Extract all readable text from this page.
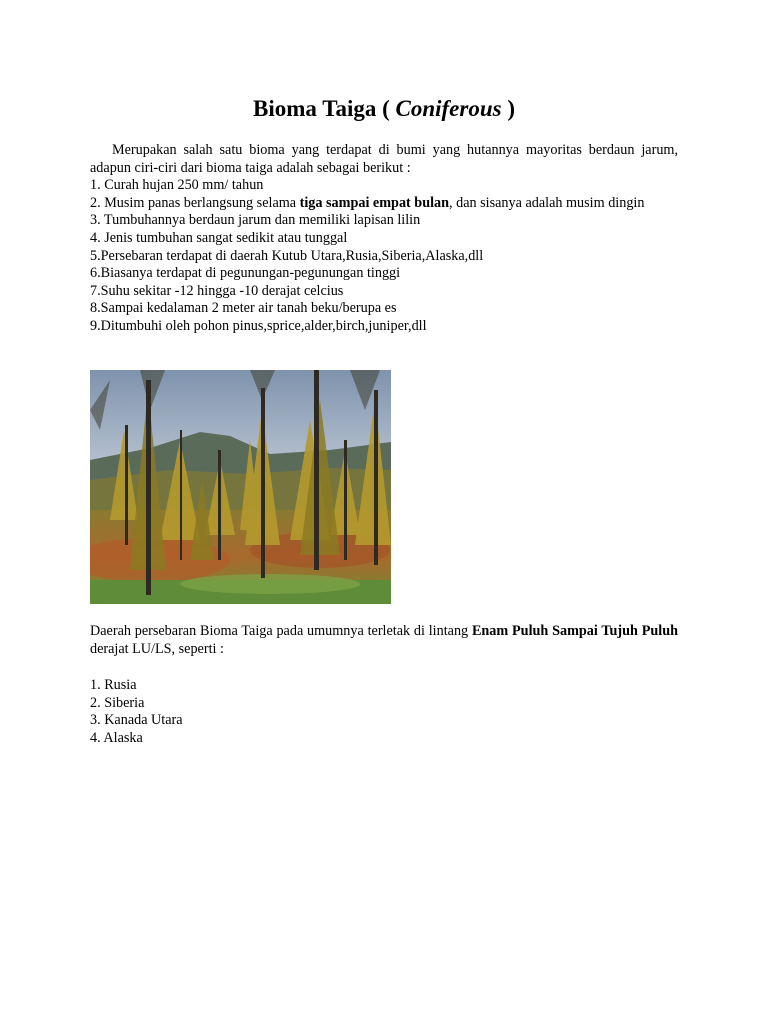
Bioma Taiga ( Coniferous )

Merupakan salah satu bioma yang terdapat di bumi yang hutannya mayoritas berdaun jarum, adapun ciri-ciri dari bioma taiga adalah sebagai berikut :

1. Curah hujan 250 mm/ tahun

2. Musim panas berlangsung selama tiga sampai empat bulan, dan sisanya adalah musim dingin

3. Tumbuhannya berdaun jarum dan memiliki lapisan lilin

4. Jenis tumbuhan sangat sedikit atau tunggal

5.Persebaran terdapat di daerah Kutub Utara,Rusia,Siberia,Alaska,dll

6.Biasanya terdapat di pegunungan-pegunungan tinggi

7.Suhu sekitar -12 hingga -10 derajat celcius

8.Sampai kedalaman 2 meter air tanah beku/berupa es

9.Ditumbuhi oleh pohon pinus,sprice,alder,birch,juniper,dll

Daerah persebaran Bioma Taiga pada umumnya terletak di lintang Enam Puluh Sampai Tujuh Puluh derajat LU/LS, seperti :

1. Rusia

2. Siberia

3. Kanada Utara

4. Alaska
